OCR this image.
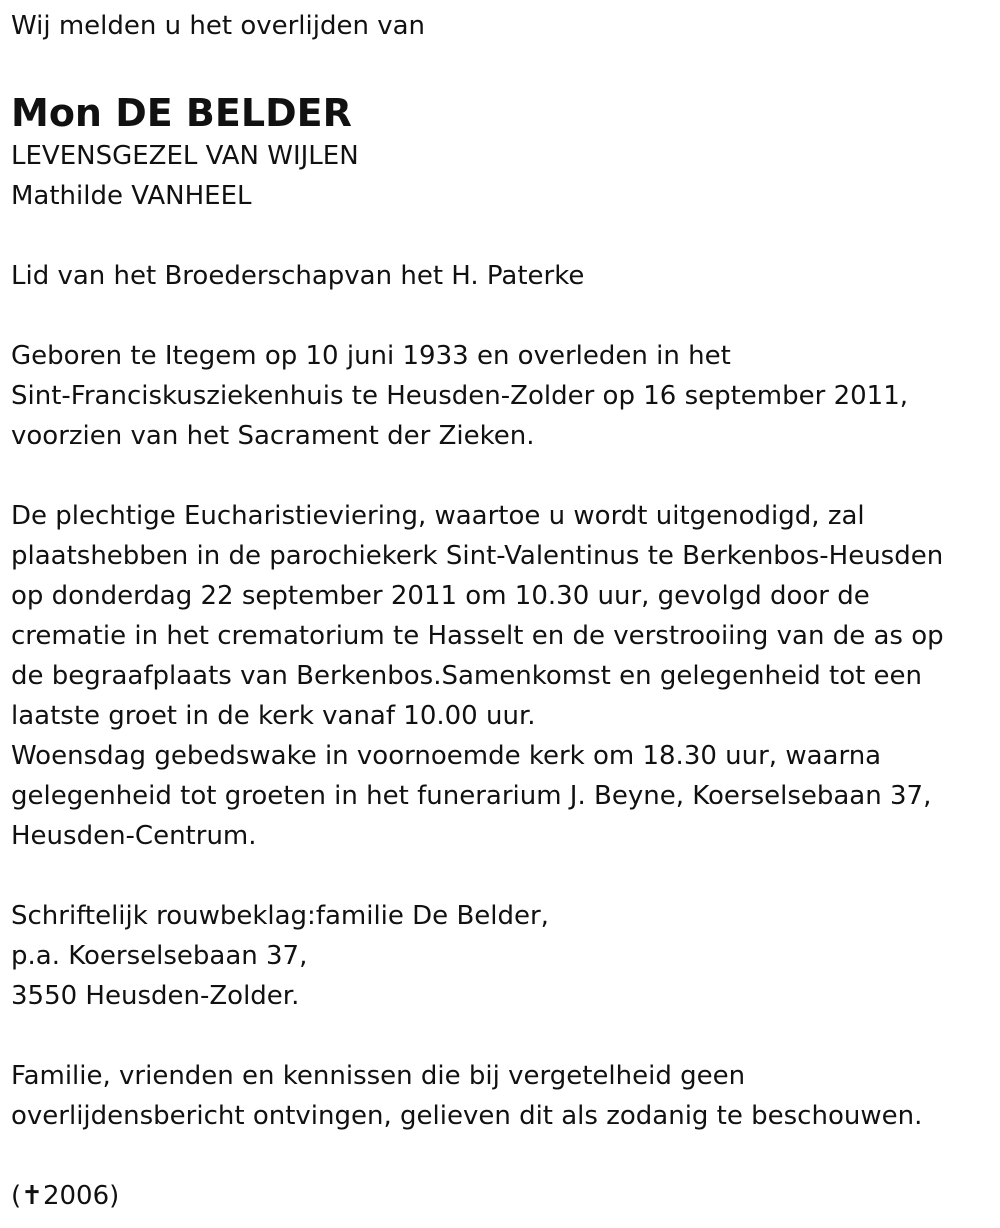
Wij melden u het overlijden van
Mon DE BELDER
LEVENSGEZEL VAN WIJLEN
Mathilde VANHEEL
Lid van het Broederschapvan het H. Paterke
Geboren te Itegem op 10 juni 1933 en overleden in het
Sint-Franciskusziekenhuis te Heusden-Zolder op 16 september 2011,
voorzien van het Sacrament der Zieken.
De plechtige Eucharistieviering, waartoe u wordt uitgenodigd, zal
plaatshebben in de parochiekerk Sint-Valentinus te Berkenbos-Heusden
op donderdag 22 september 2011 om 10.30 uur, gevolgd door de
crematie in het crematorium te Hasselt en de verstrooiing van de as op
de begraafplaats van Berkenbos.Samenkomst en gelegenheid tot een
laatste groet in de kerk vanaf 10.00 uur.
Woensdag gebedswake in voornoemde kerk om 18.30 uur, waarna
gelegenheid tot groeten in het funerarium J. Beyne, Koerselsebaan 37,
Heusden-Centrum.
Schriftelijk rouwbeklag:familie De Belder,
p.a. Koerselsebaan 37,
3550 Heusden-Zolder.
Familie, vrienden en kennissen die bij vergetelheid geen
overlijdensbericht ontvingen, gelieven dit als zodanig te beschouwen.
(✝2006)
